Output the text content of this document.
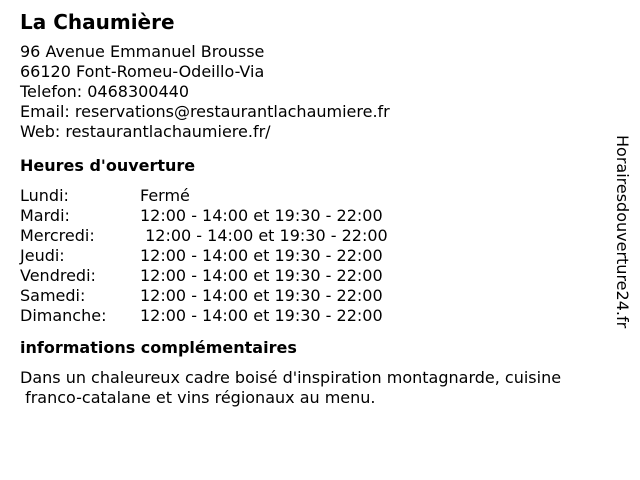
La Chaumière
96 Avenue Emmanuel Brousse
66120 Font-Romeu-Odeillo-Via
Telefon: 0468300440
Email: reservations@restaurantlachaumiere.fr
Web: restaurantlachaumiere.fr/
Heures d'ouverture
Lundi:	Fermé
Mardi:	12:00 - 14:00 et 19:30 - 22:00
Mercredi:	12:00 - 14:00 et 19:30 - 22:00
Jeudi:	12:00 - 14:00 et 19:30 - 22:00
Vendredi:	12:00 - 14:00 et 19:30 - 22:00
Samedi:	12:00 - 14:00 et 19:30 - 22:00
Dimanche:	12:00 - 14:00 et 19:30 - 22:00
informations complémentaires
Dans un chaleureux cadre boisé d'inspiration montagnarde, cuisine
franco-catalane et vins régionaux au menu.
Horairesdouverture24.fr
